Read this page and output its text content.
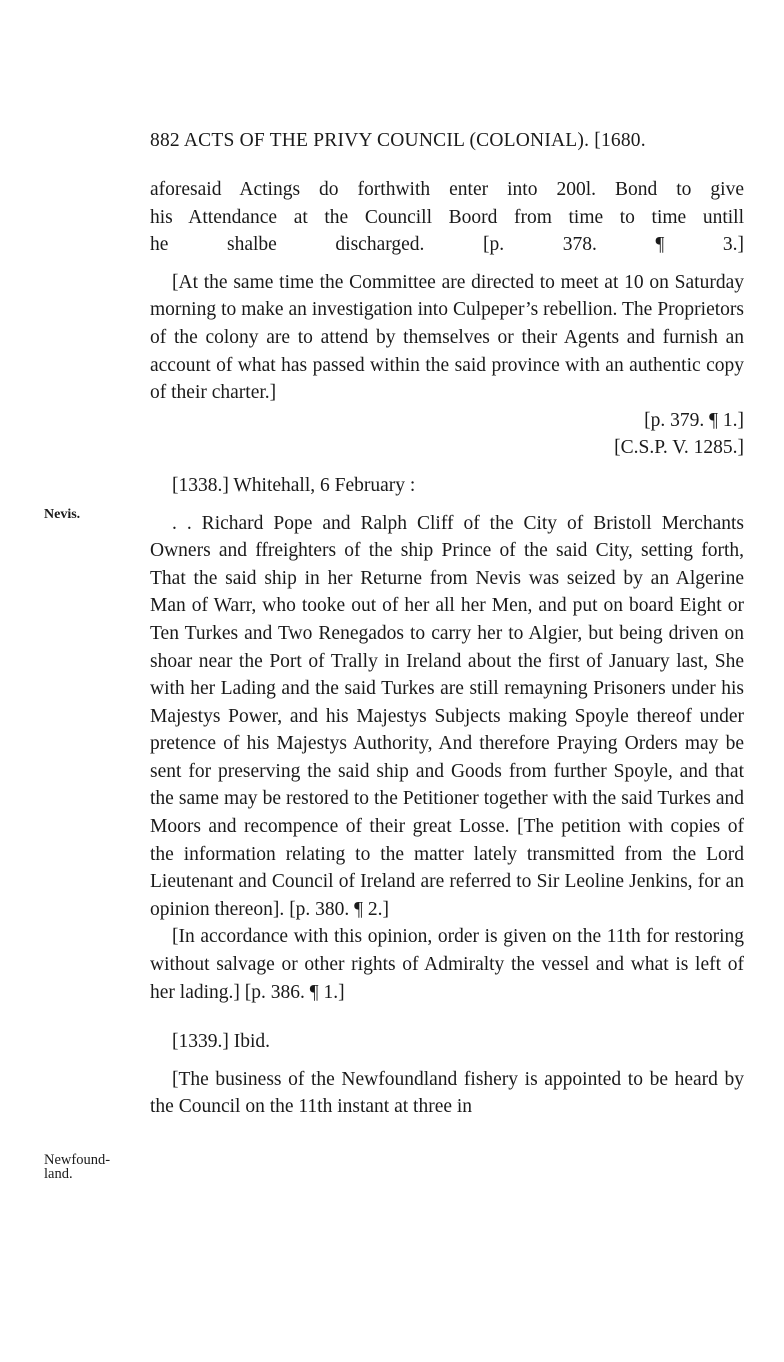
882 ACTS OF THE PRIVY COUNCIL (COLONIAL). [1680.
Nevis.
Newfound-
land.
aforesaid Actings do forthwith enter into 200l. Bond to give
his Attendance at the Councill Boord from time to time untill
he shalbe discharged.	[p. 378. ¶ 3.]

[At the same time the Committee are directed to meet at 10 on Saturday morning to make an investigation into Culpeper’s rebellion. The Proprietors of the colony are to attend by themselves or their Agents and furnish an account of what has passed within the said province with an authentic copy of their charter.]
[p. 379. ¶ 1.]
[C.S.P. V. 1285.]

[1338.] Whitehall, 6 February :

. . Richard Pope and Ralph Cliff of the City of Bristoll Merchants Owners and ffreighters of the ship Prince of the said City, setting forth, That the said ship in her Returne from Nevis was seized by an Algerine Man of Warr, who tooke out of her all her Men, and put on board Eight or Ten Turkes and Two Renegados to carry her to Algier, but being driven on shoar near the Port of Trally in Ireland about the first of January last, She with her Lading and the said Turkes are still remayning Prisoners under his Majestys Power, and his Majestys Subjects making Spoyle thereof under pretence of his Majestys Authority, And therefore Praying Orders may be sent for preserving the said ship and Goods from further Spoyle, and that the same may be restored to the Petitioner together with the said Turkes and Moors and recompence of their great Losse. [The petition with copies of the information relating to the matter lately transmitted from the Lord Lieutenant and Council of Ireland are referred to Sir Leoline Jenkins, for an opinion thereon]. [p. 380. ¶ 2.]

[In accordance with this opinion, order is given on the 11th for restoring without salvage or other rights of Admiralty the vessel and what is left of her lading.] [p. 386. ¶ 1.]

[1339.] Ibid.

[The business of the Newfoundland fishery is appointed to be heard by the Council on the 11th instant at three in
